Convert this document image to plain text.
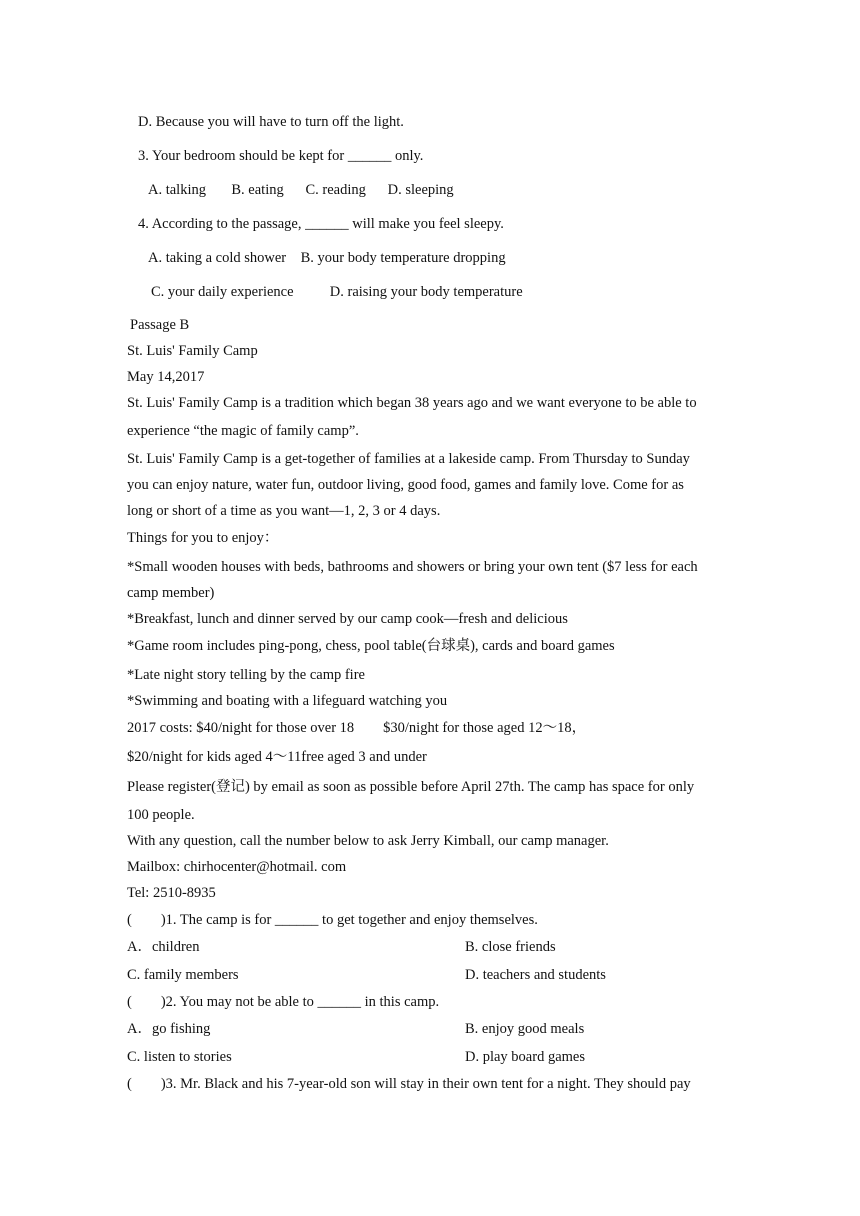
D. Because you will have to turn off the light.
3. Your bedroom should be kept for ______ only.
A. talking       B. eating      C. reading      D. sleeping
4. According to the passage, ______ will make you feel sleepy.
A. taking a cold shower    B. your body temperature dropping
C. your daily experience          D. raising your body temperature
Passage B
St. Luis' Family Camp
May 14,2017
St. Luis' Family Camp is a tradition which began 38 years ago and we want everyone to be able to
experience “the magic of family camp”.
St. Luis' Family Camp is a get-together of families at a lakeside camp. From Thursday to Sunday
you can enjoy nature, water fun, outdoor living, good food, games and family love. Come for as
long or short of a time as you want—1, 2, 3 or 4 days.
Things for you to enjoy：
*Small wooden houses with beds, bathrooms and showers or bring your own tent ($7 less for each
camp member)
*Breakfast, lunch and dinner served by our camp cook—fresh and delicious
*Game room includes ping-pong, chess, pool table(台球桌), cards and board games
*Late night story telling by the camp fire
*Swimming and boating with a lifeguard watching you
2017 costs: $40/night for those over 18        $30/night for those aged 12～18，
$20/night for kids aged 4～11free aged 3 and under
Please register(登记) by email as soon as possible before April 27th. The camp has space for only
100 people.
With any question, call the number below to ask Jerry Kimball, our camp manager.
Mailbox: chirhocenter@hotmail. com
Tel: 2510-8935
(        )1. The camp is for ______ to get together and enjoy themselves.
A．children	B. close friends
C. family members	D. teachers and students
(        )2. You may not be able to ______ in this camp.
A．go fishing	B. enjoy good meals
C. listen to stories	D. play board games
(        )3. Mr. Black and his 7-year-old son will stay in their own tent for a night. They should pay
